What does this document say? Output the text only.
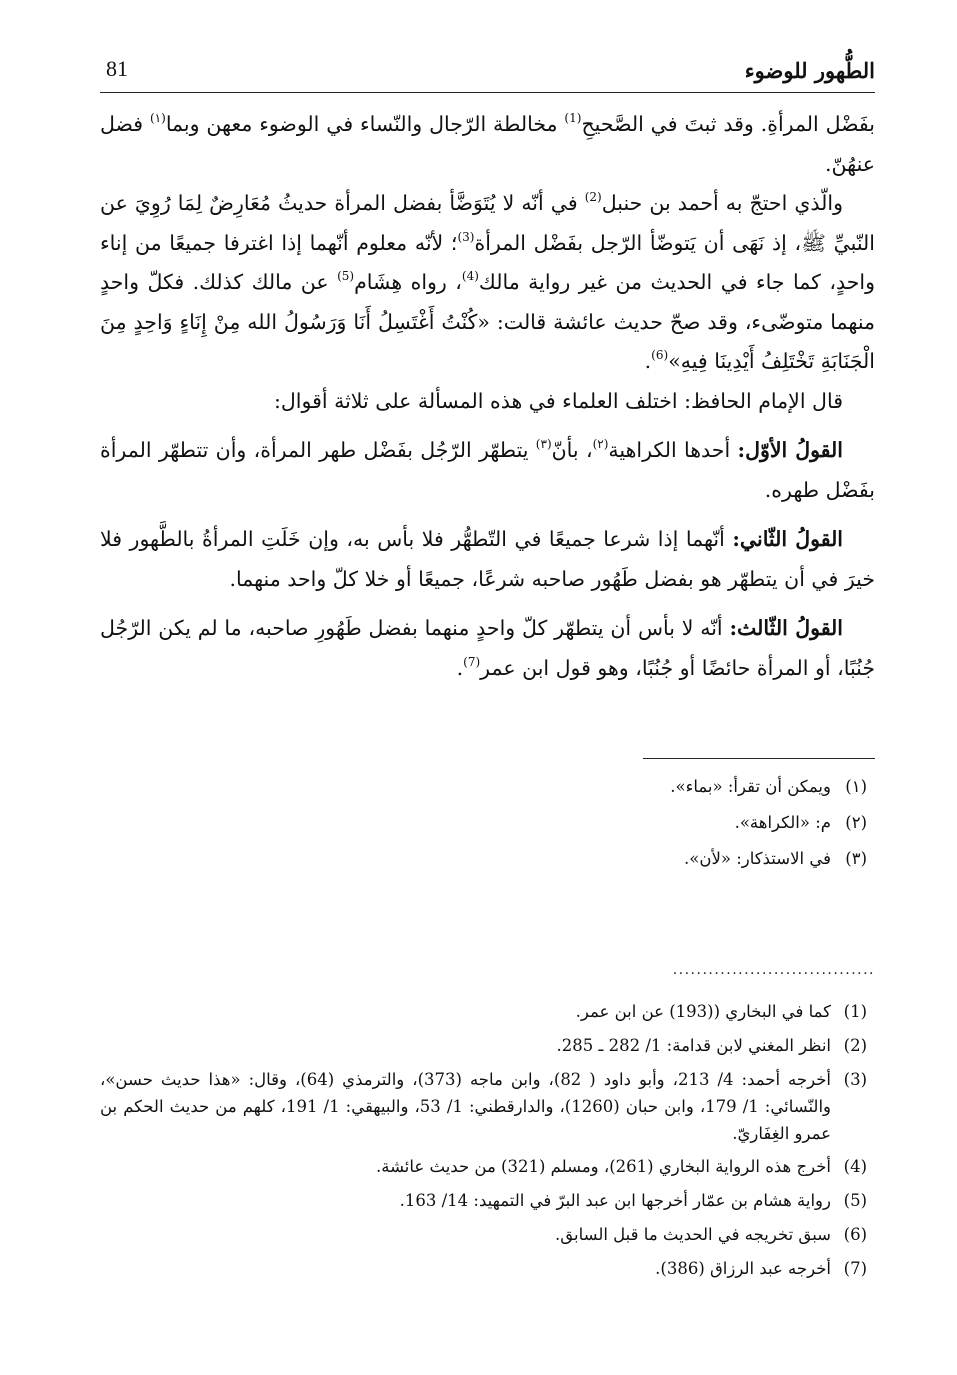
الطُّهور للوضوء
81

بفَضْل المرأةِ. وقد ثبتَ في الصَّحيحِ$^{(1)}$ مخالطة الرّجال والنّساء في الوضوء معهن وبما$^{(١)}$ فضل عنهُنّ.

والّذي احتجّ به أحمد بن حنبل$^{(2)}$ في أنّه لا يُتَوَضَّأ بفضل المرأة حديثُ مُعَارِضٌ لِمَا رُوِيَ عن النّبيِّ ﷺ، إذ نَهَى أن يَتوضّأ الرّجل بفَضْل المرأة$^{(3)}$؛ لأنّه معلوم أنّهما إذا اغترفا جميعًا من إناء واحدٍ، كما جاء في الحديث من غير رواية مالك$^{(4)}$، رواه هِشَام$^{(5)}$ عن مالك كذلك. فكلّ واحدٍ منهما متوضّىء، وقد صحّ حديث عائشة قالت: «كُنْتُ أَغْتَسِلُ أَنَا وَرَسُولُ الله مِنْ إِنَاءٍ وَاحِدٍ مِنَ الْجَنَابَةِ تَخْتَلِفُ أَيْدِينَا فِيهِ»$^{(6)}$.

قال الإمام الحافظ: اختلف العلماء في هذه المسألة على ثلاثة أقوال:

القولُ الأوّل: أحدها الكراهية$^{(٢)}$، بأنّ$^{(٣)}$ يتطهّر الرّجُل بفَضْل طهر المرأة، وأن تتطهّر المرأة بفَضْل طهره.

القولُ الثّاني: أنّهما إذا شرعا جميعًا في التّطهُّر فلا بأس به، وإن خَلَتِ المرأةُ بالطَّهور فلا خيرَ في أن يتطهّر هو بفضل طَهُور صاحبه شرعًا، جميعًا أو خلا كلّ واحد منهما.

القولُ الثّالث: أنّه لا بأس أن يتطهّر كلّ واحدٍ منهما بفضل طَهُورِ صاحبه، ما لم يكن الرّجُل جُنُبًا، أو المرأة حائضًا أو جُنُبًا، وهو قول ابن عمر$^{(7)}$.

(١)
ويمكن أن تقرأ: «بماء».
(٢)
م: «الكراهة».
(٣)
في الاستذكار: «لأن».
..................................
(1)
كما في البخاري ((193) عن ابن عمر.
(2)
انظر المغني لابن قدامة: 1/ 282 ـ 285.
(3)
أخرجه أحمد: 4/ 213، وأبو داود ( 82)، وابن ماجه (373)، والترمذي (64)، وقال: «هذا حديث حسن»، والنّسائي: 1/ 179، وابن حبان (1260)، والدارقطني: 1/ 53، والبيهقي: 1/ 191، كلهم من حديث الحكم بن عمرو الغِفَاريّ.
(4)
أخرج هذه الرواية البخاري (261)، ومسلم (321) من حديث عائشة.
(5)
رواية هشام بن عمّار أخرجها ابن عبد البرّ في التمهيد: 14/ 163.
(6)
سبق تخريجه في الحديث ما قبل السابق.
(7)
أخرجه عبد الرزاق (386).
